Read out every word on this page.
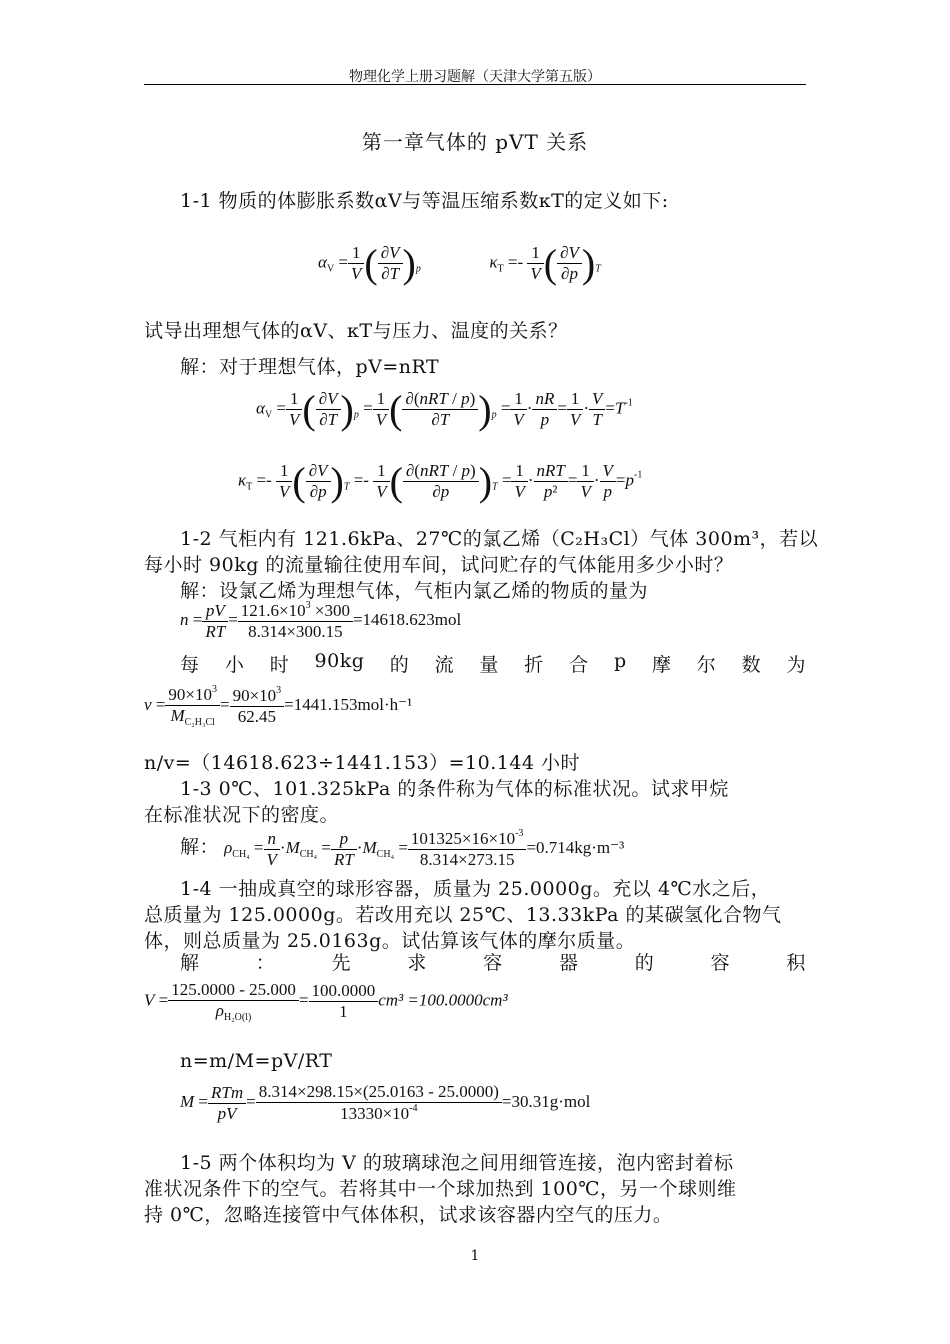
物理化学上册习题解（天津大学第五版）
第一章气体的 pVT 关系
1-1 物质的体膨胀系数αV与等温压缩系数κT的定义如下:
$\alpha_V = \frac{1}{V}$ ( $\frac{\partial V}{\partial T} )_p$	$\kappa_T =- \frac{1}{V}$ ( $\frac{\partial V}{\partial p} )_T$
试导出理想气体的αV、κT与压力、温度的关系？
解：对于理想气体，pV=nRT
$\alpha_V = \frac{1}{V}$ ( $\frac{\partial V}{\partial T} )_p = \frac{1}{V}$ ( $\frac{\text{∂(nRT / p)}}{\partial T} )_p = \frac{1}{V} \cdot \frac{nR}{p} = \frac{1}{V} \cdot \frac{V}{T} =T^{-1}$
$\kappa_T =- \frac{1}{V}$ ( $\frac{\partial V}{\partial p} )_T =- \frac{1}{V}$ ( $\frac{\text{∂(nRT / p)}}{\partial p} )_T = \frac{1}{V} \cdot \frac{\text{nRT}}{\text{p²}} = \frac{1}{V} \cdot \frac{V}{p} =p^{-1}$
1-2 气柜内有 121.6kPa、27℃的氯乙烯（C₂H₃Cl）气体 300m³，若以
每小时 90kg 的流量输往使用车间，试问贮存的气体能用多少小时？
解：设氯乙烯为理想气体，气柜内氯乙烯的物质的量为
$n = \frac{pV}{RT} = \frac{121.6\times 10^3 \times 300}{8.314\times 300.15} =14618.623mol$
每 小 时 90kg 的 流 量 折 合 p 摩 尔 数 为
$v = \frac{90\times 10^3}{M_{C_2H_3Cl}} = \frac{90\times 10^3}{62.45} =1441.153mol\cdot h^{-1}$
n/v=（14618.623÷1441.153）=10.144 小时
1-3 0℃、101.325kPa 的条件称为气体的标准状况。试求甲烷
在标准状况下的密度。
解： $\rho_{CH_4} = \frac{n}{V} \cdot M_{CH_4} = \frac{p}{RT} \cdot M_{CH_4} = \frac{101325\times 16\times 10^{-3}}{8.314\times 273.15} =0.714kg\cdot m^{-3}$
1-4 一抽成真空的球形容器，质量为 25.0000g。充以 4℃水之后，
总质量为 125.0000g。若改用充以 25℃、13.33kPa 的某碳氢化合物气
体，则总质量为 25.0163g。试估算该气体的摩尔质量。
解	：	先	求	容	器	的	容	积
$V = \frac{125.0000 - 25.000}{\rho_{H_2O(l)}} = \frac{100.0000}{1} cm^3 =100.0000cm^3$
n=m/M=pV/RT
$M = \frac{\text{RTm}}{pV} = \frac{8.314\times 298.15\times(25.0163 - 25.0000)}{13330\times 10^{-4}} =30.31g\cdot mol$
1-5 两个体积均为 V 的玻璃球泡之间用细管连接，泡内密封着标
准状况条件下的空气。若将其中一个球加热到 100℃，另一个球则维
持 0℃，忽略连接管中气体体积，试求该容器内空气的压力。
1
